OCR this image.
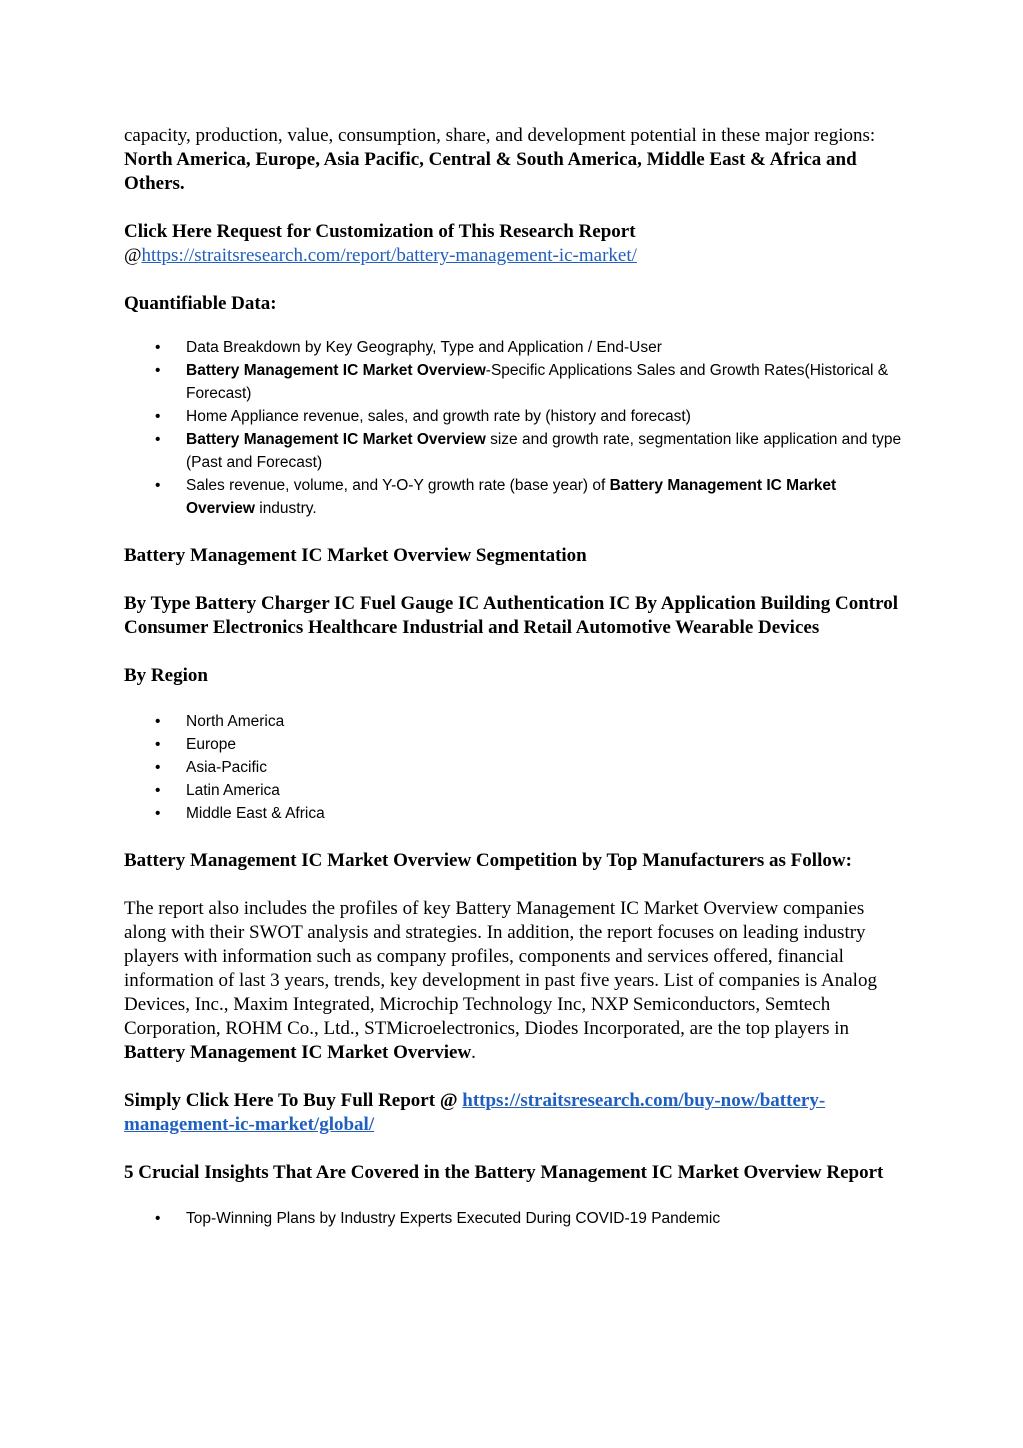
capacity, production, value, consumption, share, and development potential in these major regions: North America, Europe, Asia Pacific, Central & South America, Middle East & Africa and Others.

Click Here Request for Customization of This Research Report

@https://straitsresearch.com/report/battery-management-ic-market/

Quantifiable Data:

• Data Breakdown by Key Geography, Type and Application / End-User
• Battery Management IC Market Overview-Specific Applications Sales and Growth Rates(Historical & Forecast)
• Home Appliance revenue, sales, and growth rate by (history and forecast)
• Battery Management IC Market Overview size and growth rate, segmentation like application and type (Past and Forecast)
• Sales revenue, volume, and Y-O-Y growth rate (base year) of Battery Management IC Market Overview industry.

Battery Management IC Market Overview Segmentation

By Type Battery Charger IC Fuel Gauge IC Authentication IC By Application Building Control Consumer Electronics Healthcare Industrial and Retail Automotive Wearable Devices

By Region

• North America
• Europe
• Asia-Pacific
• Latin America
• Middle East & Africa

Battery Management IC Market Overview Competition by Top Manufacturers as Follow:

The report also includes the profiles of key Battery Management IC Market Overview companies along with their SWOT analysis and strategies. In addition, the report focuses on leading industry players with information such as company profiles, components and services offered, financial information of last 3 years, trends, key development in past five years. List of companies is Analog Devices, Inc., Maxim Integrated, Microchip Technology Inc, NXP Semiconductors, Semtech Corporation, ROHM Co., Ltd., STMicroelectronics, Diodes Incorporated, are the top players in Battery Management IC Market Overview.

Simply Click Here To Buy Full Report @ https://straitsresearch.com/buy-now/battery-management-ic-market/global/

5 Crucial Insights That Are Covered in the Battery Management IC Market Overview Report

• Top-Winning Plans by Industry Experts Executed During COVID-19 Pandemic
